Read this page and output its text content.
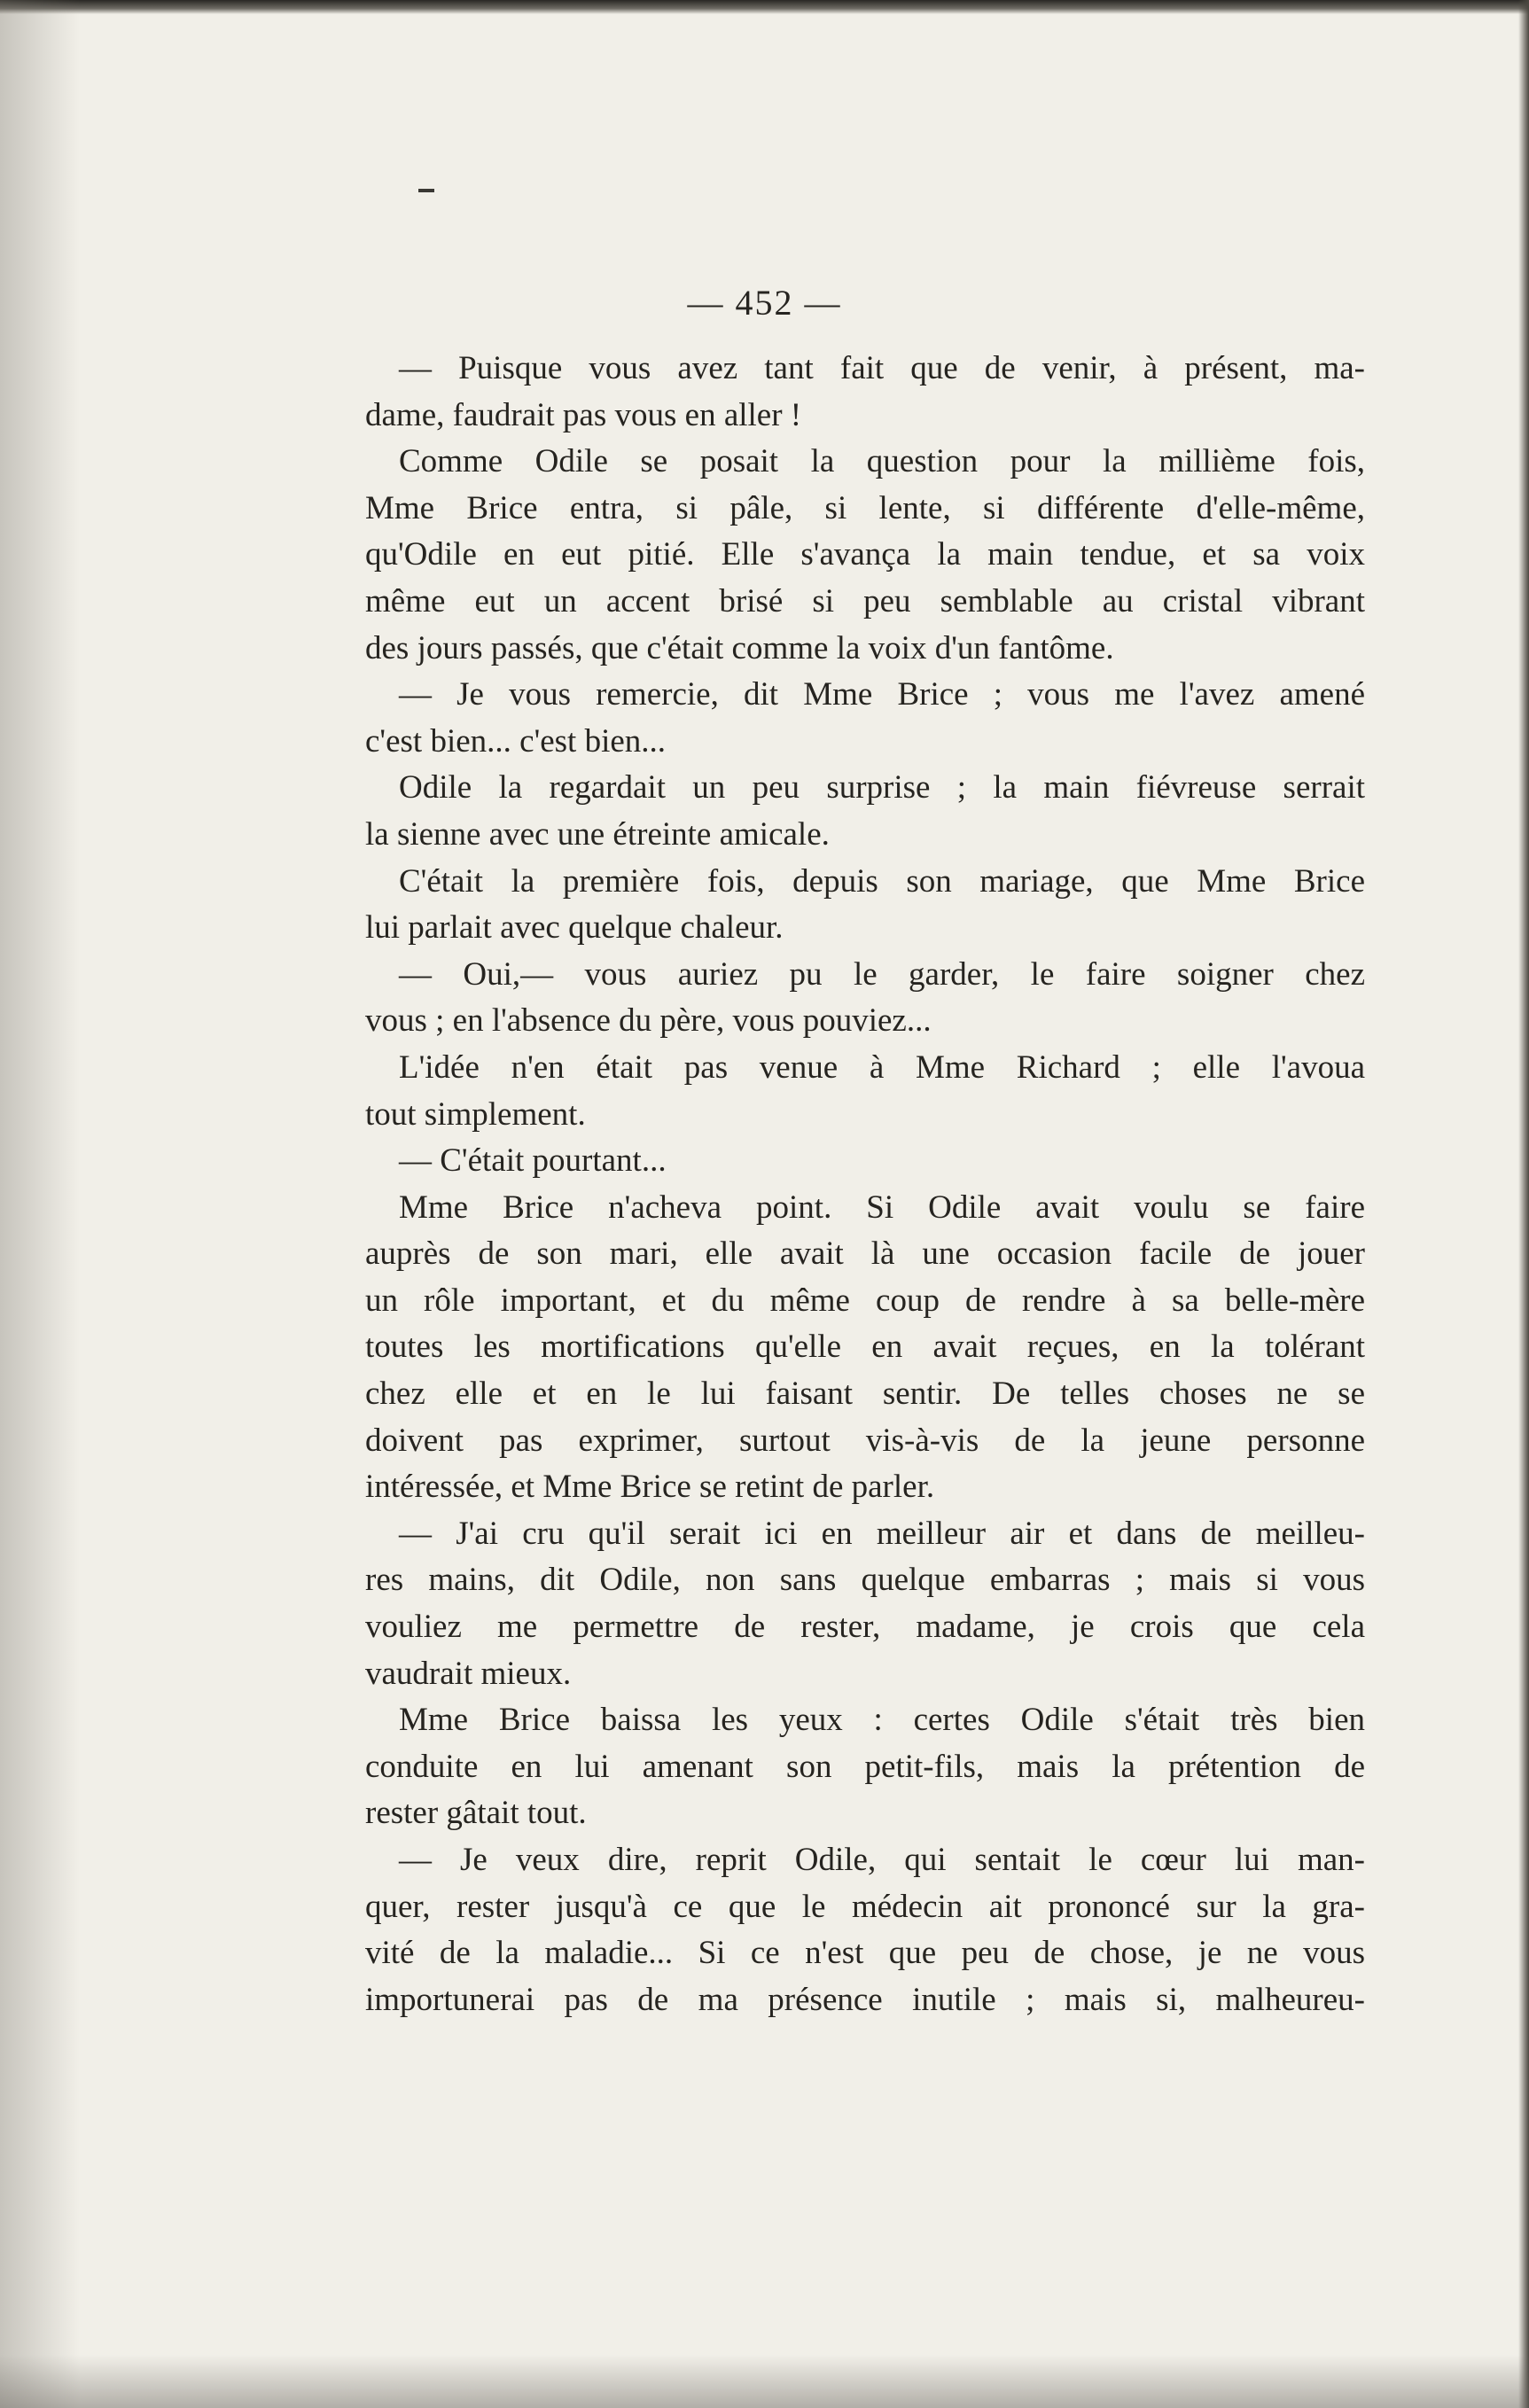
— 452 —
— Puisque vous avez tant fait que de venir, à présent, ma-
dame, faudrait pas vous en aller !
Comme Odile se posait la question pour la millième fois,
Mme Brice entra, si pâle, si lente, si différente d'elle-même,
qu'Odile en eut pitié. Elle s'avança la main tendue, et sa voix
même eut un accent brisé si peu semblable au cristal vibrant
des jours passés, que c'était comme la voix d'un fantôme.
— Je vous remercie, dit Mme Brice ; vous me l'avez amené
c'est bien... c'est bien...
Odile la regardait un peu surprise ; la main fiévreuse serrait
la sienne avec une étreinte amicale.
C'était la première fois, depuis son mariage, que Mme Brice
lui parlait avec quelque chaleur.
— Oui,— vous auriez pu le garder, le faire soigner chez
vous ; en l'absence du père, vous pouviez...
L'idée n'en était pas venue à Mme Richard ; elle l'avoua
tout simplement.
— C'était pourtant...
Mme Brice n'acheva point. Si Odile avait voulu se faire
auprès de son mari, elle avait là une occasion facile de jouer
un rôle important, et du même coup de rendre à sa belle-mère
toutes les mortifications qu'elle en avait reçues, en la tolérant
chez elle et en le lui faisant sentir. De telles choses ne se
doivent pas exprimer, surtout vis-à-vis de la jeune personne
intéressée, et Mme Brice se retint de parler.
— J'ai cru qu'il serait ici en meilleur air et dans de meilleu-
res mains, dit Odile, non sans quelque embarras ; mais si vous
vouliez me permettre de rester, madame, je crois que cela
vaudrait mieux.
Mme Brice baissa les yeux : certes Odile s'était très bien
conduite en lui amenant son petit-fils, mais la prétention de
rester gâtait tout.
— Je veux dire, reprit Odile, qui sentait le cœur lui man-
quer, rester jusqu'à ce que le médecin ait prononcé sur la gra-
vité de la maladie... Si ce n'est que peu de chose, je ne vous
importunerai pas de ma présence inutile ; mais si, malheureu-
